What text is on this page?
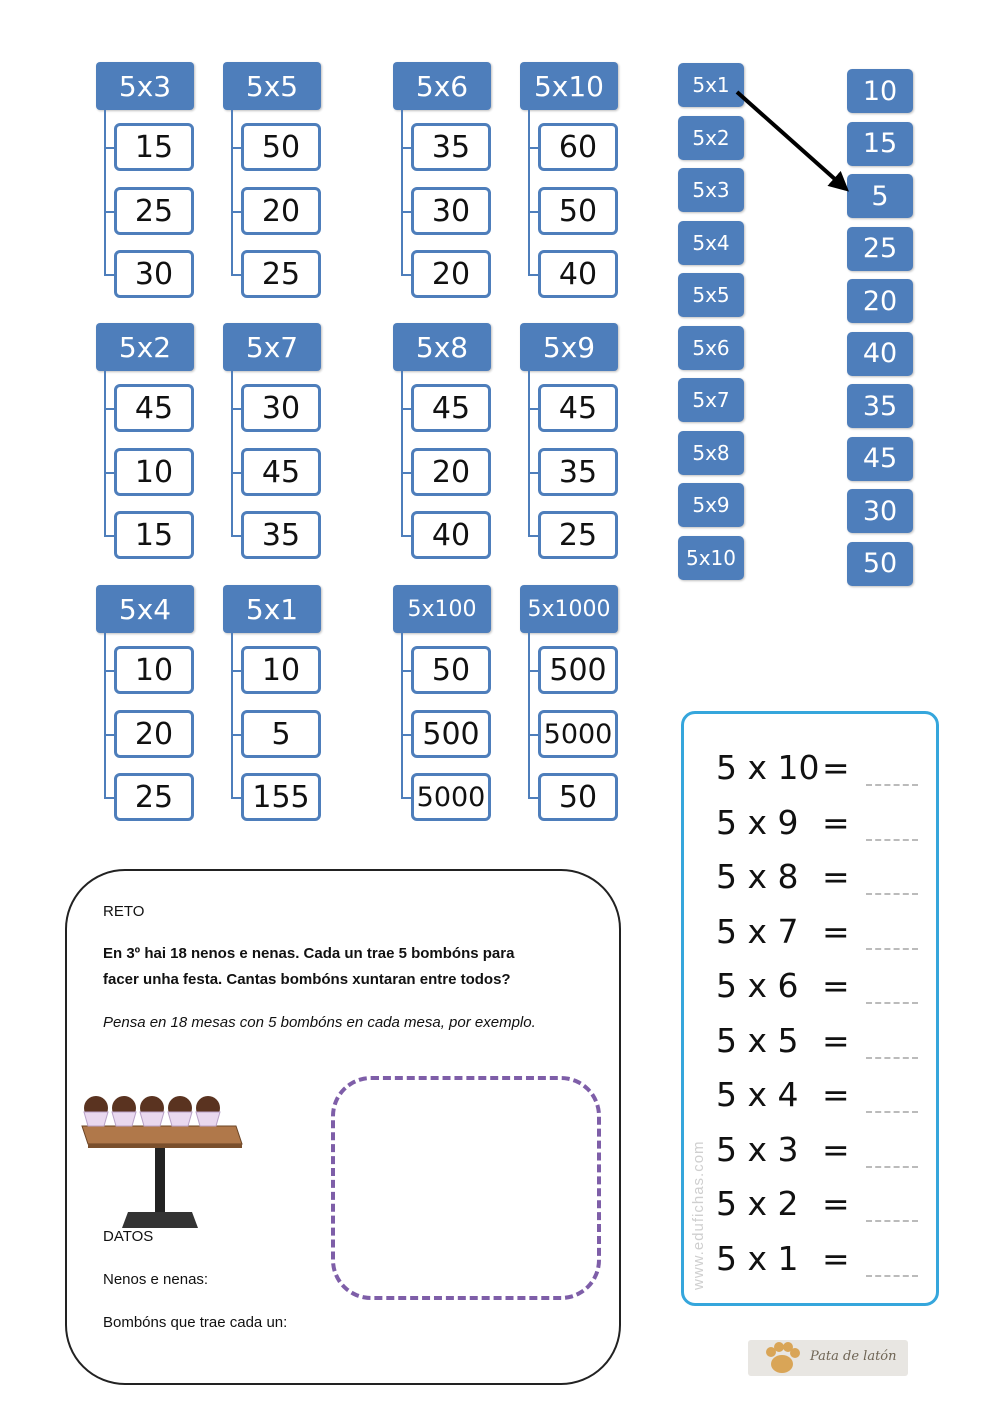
5x3
15
25
30
5x5
50
20
25
5x6
35
30
20
5x10
60
50
40
5x2
45
10
15
5x7
30
45
35
5x8
45
20
40
5x9
45
35
25
5x4
10
20
25
5x1
10
5
155
5x100
50
500
5000
5x1000
500
5000
50
5x1
5x2
5x3
5x4
5x5
5x6
5x7
5x8
5x9
5x10
10
15
5
25
20
40
35
45
30
50
5 x 10 =
5 x 9 =
5 x 8 =
5 x 7 =
5 x 6 =
5 x 5 =
5 x 4 =
5 x 3 =
5 x 2 =
5 x 1 =
www.edufichas.com
RETO
En 3º hai 18 nenos e nenas. Cada un trae 5 bombóns para
facer unha festa. Cantas bombóns xuntaran entre todos?
Pensa en 18 mesas con 5 bombóns en cada mesa, por exemplo.
DATOS
Nenos e nenas:
Bombóns que trae cada un:
Pata de latón
